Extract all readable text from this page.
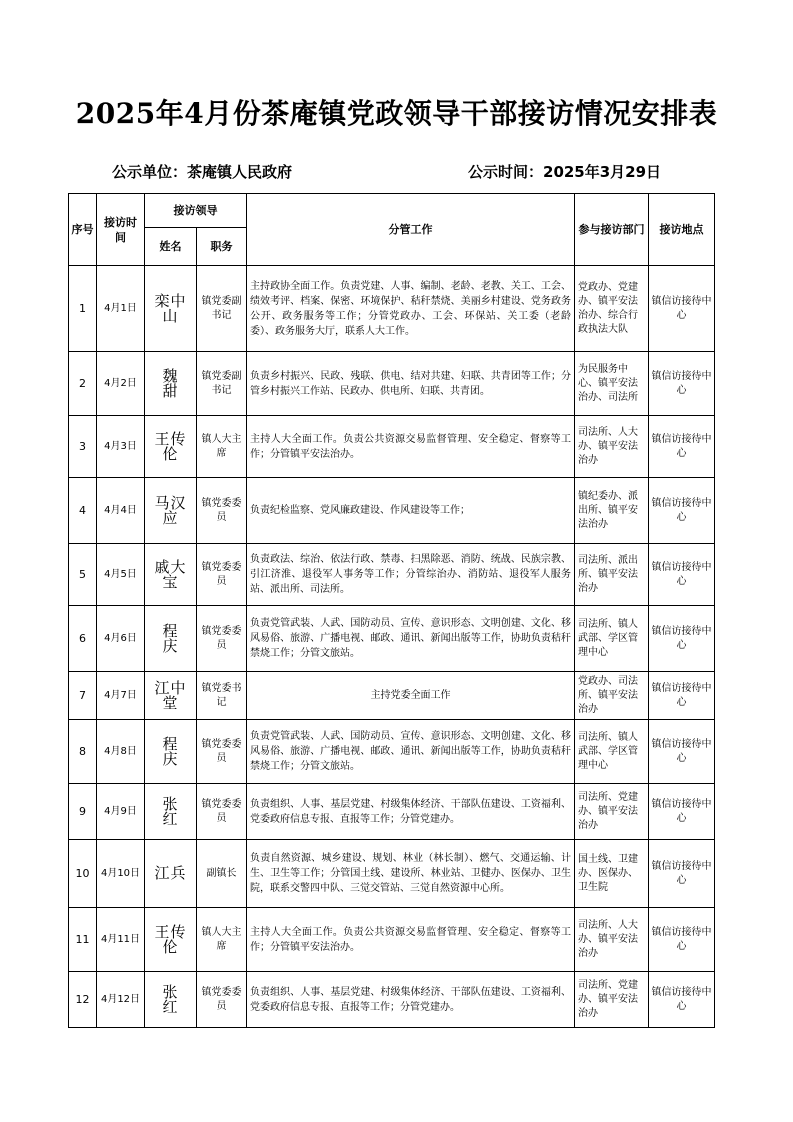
2025年4月份茶庵镇党政领导干部接访情况安排表
公示单位：茶庵镇人民政府	公示时间：2025年3月29日
序号	接访时间	接访领导		分管工作	参与接访部门	接访地点
		姓名	职务			
1	4月1日	栾中山	镇党委副书记	主持政协全面工作。负责党建、人事、编制、老龄、老教、关工、工会、绩效考评、档案、保密、环境保护、秸秆禁烧、美丽乡村建设、党务政务公开、政务服务等工作；分管党政办、工会、环保站、关工委（老龄委）、政务服务大厅，联系人大工作。	党政办、党建办、镇平安法治办、综合行政执法大队	镇信访接待中心
2	4月2日	魏　甜	镇党委副书记	负责乡村振兴、民政、残联、供电、结对共建、妇联、共青团等工作；分管乡村振兴工作站、民政办、供电所、妇联、共青团。	为民服务中心、镇平安法治办、司法所	镇信访接待中心
3	4月3日	王传伦	镇人大主席	主持人大全面工作。负责公共资源交易监督管理、安全稳定、督察等工作；分管镇平安法治办。	司法所、人大办、镇平安法治办	镇信访接待中心
4	4月4日	马汉应	镇党委委员	负责纪检监察、党风廉政建设、作风建设等工作；	镇纪委办、派出所、镇平安法治办	镇信访接待中心
5	4月5日	戚大宝	镇党委委员	负责政法、综治、依法行政、禁毒、扫黑除恶、消防、统战、民族宗教、引江济淮、退役军人事务等工作；分管综治办、消防站、退役军人服务站、派出所、司法所。	司法所、派出所、镇平安法治办	镇信访接待中心
6	4月6日	程　庆	镇党委委员	负责党管武装、人武、国防动员、宣传、意识形态、文明创建、文化、移风易俗、旅游、广播电视、邮政、通讯、新闻出版等工作，协助负责秸秆禁烧工作；分管文旅站。	司法所、镇人武部、学区管理中心	镇信访接待中心
7	4月7日	江中堂	镇党委书记	主持党委全面工作	党政办、司法所、镇平安法治办	镇信访接待中心
8	4月8日	程　庆	镇党委委员	负责党管武装、人武、国防动员、宣传、意识形态、文明创建、文化、移风易俗、旅游、广播电视、邮政、通讯、新闻出版等工作，协助负责秸秆禁烧工作；分管文旅站。	司法所、镇人武部、学区管理中心	镇信访接待中心
9	4月9日	张　红	镇党委委员	负责组织、人事、基层党建、村级集体经济、干部队伍建设、工资福利、党委政府信息专报、直报等工作；分管党建办。	司法所、党建办、镇平安法治办	镇信访接待中心
10	4月10日	江兵	副镇长	负责自然资源、城乡建设、规划、林业（林长制）、燃气、交通运输、计生、卫生等工作；分管国土线、建设所、林业站、卫健办、医保办、卫生院，联系交警四中队、三觉交管站、三觉自然资源中心所。	国土线、卫建办、医保办、卫生院	镇信访接待中心
11	4月11日	王传伦	镇人大主席	主持人大全面工作。负责公共资源交易监督管理、安全稳定、督察等工作；分管镇平安法治办。	司法所、人大办、镇平安法治办	镇信访接待中心
12	4月12日	张　红	镇党委委员	负责组织、人事、基层党建、村级集体经济、干部队伍建设、工资福利、党委政府信息专报、直报等工作；分管党建办。	司法所、党建办、镇平安法治办	镇信访接待中心
